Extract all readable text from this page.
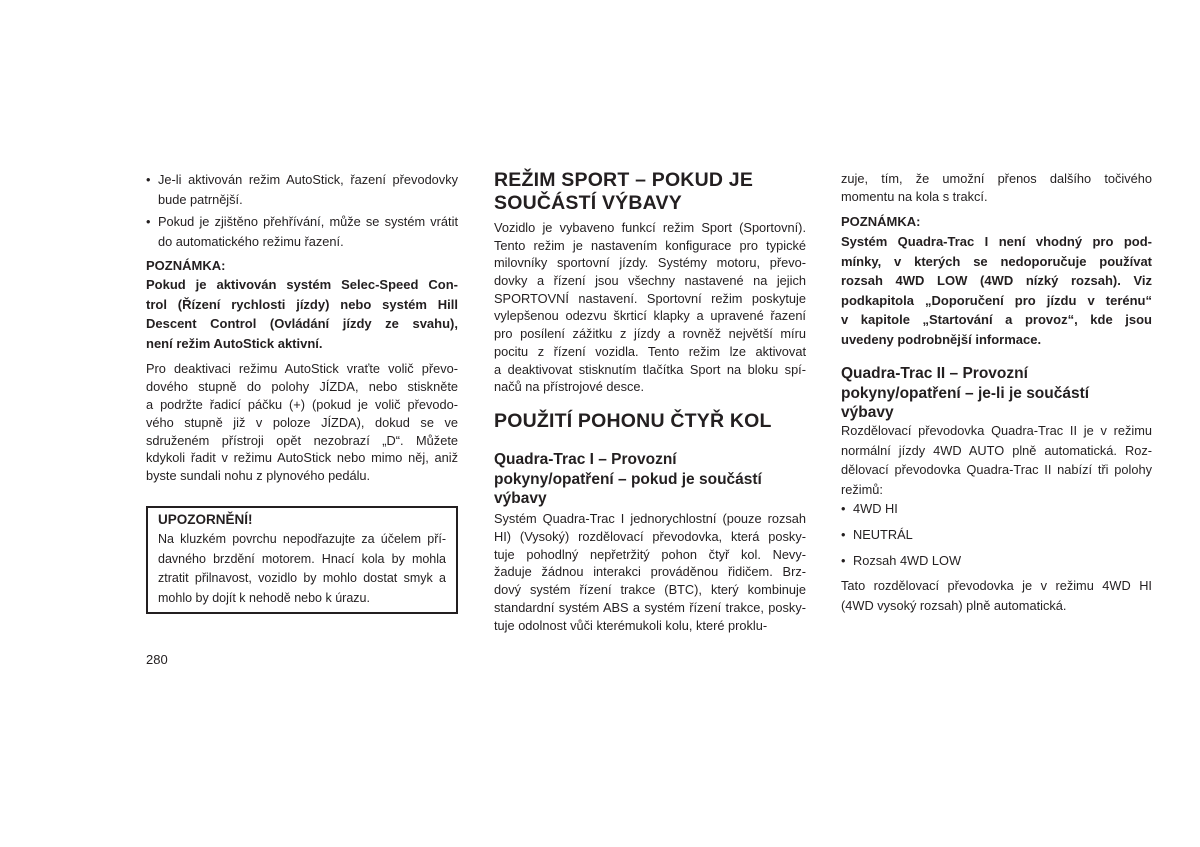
• Je-li aktivován režim AutoStick, řazení převodovky
bude patrnější.
• Pokud je zjištěno přehřívání, může se systém vrátit
do automatického režimu řazení.
POZNÁMKA:
Pokud je aktivován systém Selec-Speed Con-
trol (Řízení rychlosti jízdy) nebo systém Hill
Descent Control (Ovládání jízdy ze svahu),
není režim AutoStick aktivní.
Pro deaktivaci režimu AutoStick vraťte volič převo-
dového stupně do polohy JÍZDA, nebo stiskněte
a podržte řadicí páčku (+) (pokud je volič převodo-
vého stupně již v poloze JÍZDA), dokud se ve
sdruženém přístroji opět nezobrazí „D“. Můžete
kdykoli řadit v režimu AutoStick nebo mimo něj, aniž
byste sundali nohu z plynového pedálu.
UPOZORNĚNÍ!
Na kluzkém povrchu nepodřazujte za účelem pří-
davného brzdění motorem. Hnací kola by mohla
ztratit přilnavost, vozidlo by mohlo dostat smyk a
mohlo by dojít k nehodě nebo k úrazu.
280
REŽIM SPORT – POKUD JE
SOUČÁSTÍ VÝBAVY
Vozidlo je vybaveno funkcí režim Sport (Sportovní).
Tento režim je nastavením konfigurace pro typické
milovníky sportovní jízdy. Systémy motoru, převo-
dovky a řízení jsou všechny nastavené na jejich
SPORTOVNÍ nastavení. Sportovní režim poskytuje
vylepšenou odezvu škrticí klapky a upravené řazení
pro posílení zážitku z jízdy a rovněž největší míru
pocitu z řízení vozidla. Tento režim lze aktivovat
a deaktivovat stisknutím tlačítka Sport na bloku spí-
načů na přístrojové desce.
POUŽITÍ POHONU ČTYŘ KOL
Quadra-Trac I – Provozní
pokyny/opatření – pokud je součástí
výbavy
Systém Quadra-Trac I jednorychlostní (pouze rozsah
HI) (Vysoký) rozdělovací převodovka, která posky-
tuje pohodlný nepřetržitý pohon čtyř kol. Nevy-
žaduje žádnou interakci prováděnou řidičem. Brz-
dový systém řízení trakce (BTC), který kombinuje
standardní systém ABS a systém řízení trakce, posky-
tuje odolnost vůči kterémukoli kolu, které proklu-
zuje, tím, že umožní přenos dalšího točivého
momentu na kola s trakcí.
POZNÁMKA:
Systém Quadra-Trac I není vhodný pro pod-
mínky, v kterých se nedoporučuje používat
rozsah 4WD LOW (4WD nízký rozsah). Viz
podkapitola „Doporučení pro jízdu v terénu“
v kapitole „Startování a provoz“, kde jsou
uvedeny podrobnější informace.
Quadra-Trac II – Provozní
pokyny/opatření – je-li je součástí
výbavy
Rozdělovací převodovka Quadra-Trac II je v režimu
normální jízdy 4WD AUTO plně automatická. Roz-
dělovací převodovka Quadra-Trac II nabízí tři polohy
režimů:
• 4WD HI
• NEUTRÁL
• Rozsah 4WD LOW
Tato rozdělovací převodovka je v režimu 4WD HI
(4WD vysoký rozsah) plně automatická.
